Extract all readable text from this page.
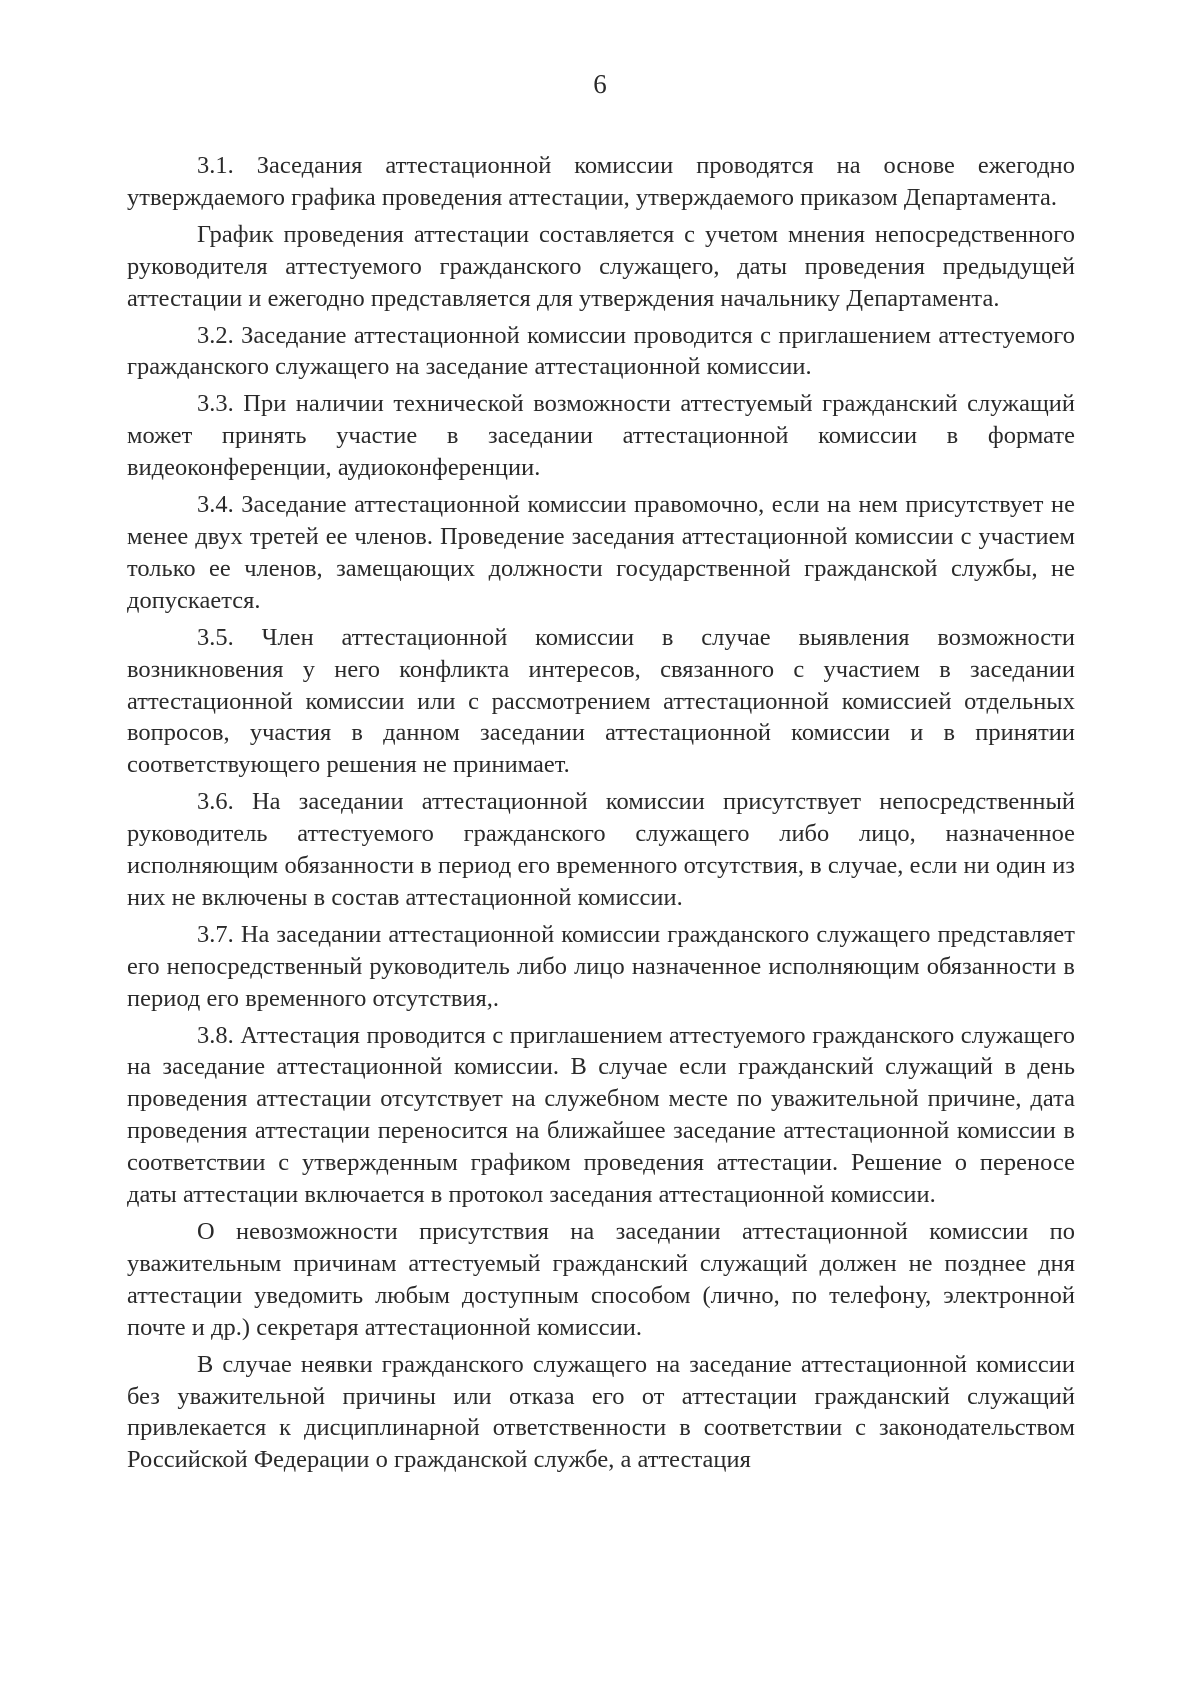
6

3.1. Заседания аттестационной комиссии проводятся на основе ежегодно утверждаемого графика проведения аттестации, утверждаемого приказом Департамента.

График проведения аттестации составляется с учетом мнения непосредственного руководителя аттестуемого гражданского служащего, даты проведения предыдущей аттестации и ежегодно представляется для утверждения начальнику Департамента.

3.2. Заседание аттестационной комиссии проводится с приглашением аттестуемого гражданского служащего на заседание аттестационной комиссии.

3.3. При наличии технической возможности аттестуемый гражданский служащий может принять участие в заседании аттестационной комиссии в формате видеоконференции, аудиоконференции.

3.4. Заседание аттестационной комиссии правомочно, если на нем присутствует не менее двух третей ее членов. Проведение заседания аттестационной комиссии с участием только ее членов, замещающих должности государственной гражданской службы, не допускается.

3.5. Член аттестационной комиссии в случае выявления возможности возникновения у него конфликта интересов, связанного с участием в заседании аттестационной комиссии или с рассмотрением аттестационной комиссией отдельных вопросов, участия в данном заседании аттестационной комиссии и в принятии соответствующего решения не принимает.

3.6. На заседании аттестационной комиссии присутствует непосредственный руководитель аттестуемого гражданского служащего либо лицо, назначенное исполняющим обязанности в период его временного отсутствия, в случае, если ни один из них не включены в состав аттестационной комиссии.

3.7. На заседании аттестационной комиссии гражданского служащего представляет его непосредственный руководитель либо лицо назначенное исполняющим обязанности в период его временного отсутствия,.

3.8. Аттестация проводится с приглашением аттестуемого гражданского служащего на заседание аттестационной комиссии. В случае если гражданский служащий в день проведения аттестации отсутствует на служебном месте по уважительной причине, дата проведения аттестации переносится на ближайшее заседание аттестационной комиссии в соответствии с утвержденным графиком проведения аттестации. Решение о переносе даты аттестации включается в протокол заседания аттестационной комиссии.

О невозможности присутствия на заседании аттестационной комиссии по уважительным причинам аттестуемый гражданский служащий должен не позднее дня аттестации уведомить любым доступным способом (лично, по телефону, электронной почте и др.) секретаря аттестационной комиссии.

В случае неявки гражданского служащего на заседание аттестационной комиссии без уважительной причины или отказа его от аттестации гражданский служащий привлекается к дисциплинарной ответственности в соответствии с законодательством Российской Федерации о гражданской службе, а аттестация
